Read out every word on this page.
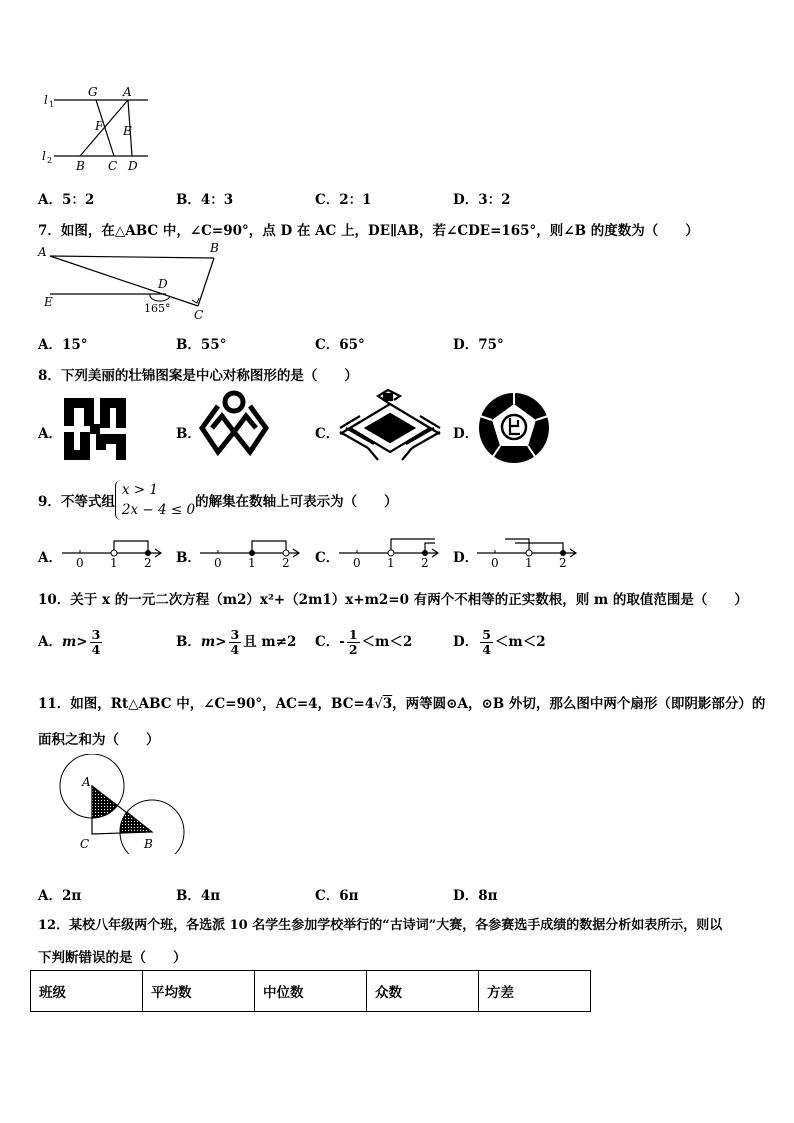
l 1
l 2
G A
F E
B C D
A．5：2	B．4：3	C．2：1	D．3：2
7．如图，在△ABC 中，∠C=90°，点 D 在 AC 上，DE∥AB，若∠CDE=165°，则∠B 的度数为（　　）
A	B
D
E
C
165°
A．15°	B．55°	C．65°	D．75°
8．下列美丽的壮锦图案是中心对称图形的是（　　）
A．	B．	C．	D．
9．不等式组
x > 1
2x − 4 ≤ 0 的解集在数轴上可表示为（　　）
A． 0 1 2 B． 0 1 2 C． 0 1 2 D． 0 1 2
10．关于 x 的一元二次方程（m2）x²+（2m1）x+m2=0 有两个不相等的正实数根，则 m 的取值范围是（　　）
A．$m> \frac{3}{4}$	B．$m> \frac{3}{4}$ 且 m≠2 C．- $\frac{1}{2} <m<2$	D． $\frac{5}{4} <m<2$
11．如图，Rt△ABC 中，∠C=90°，AC=4，BC=4√3，两等圆⊙A，⊙B 外切，那么图中两个扇形（即阴影部分）的
面积之和为（　　）
A
C	B
A．2π	B．4π	C．6π	D．8π
12．某校八年级两个班，各选派 10 名学生参加学校举行的“古诗词”大赛，各参赛选手成绩的数据分析如表所示，则以
下判断错误的是（　　）
班级	平均数	中位数	众数	方差
